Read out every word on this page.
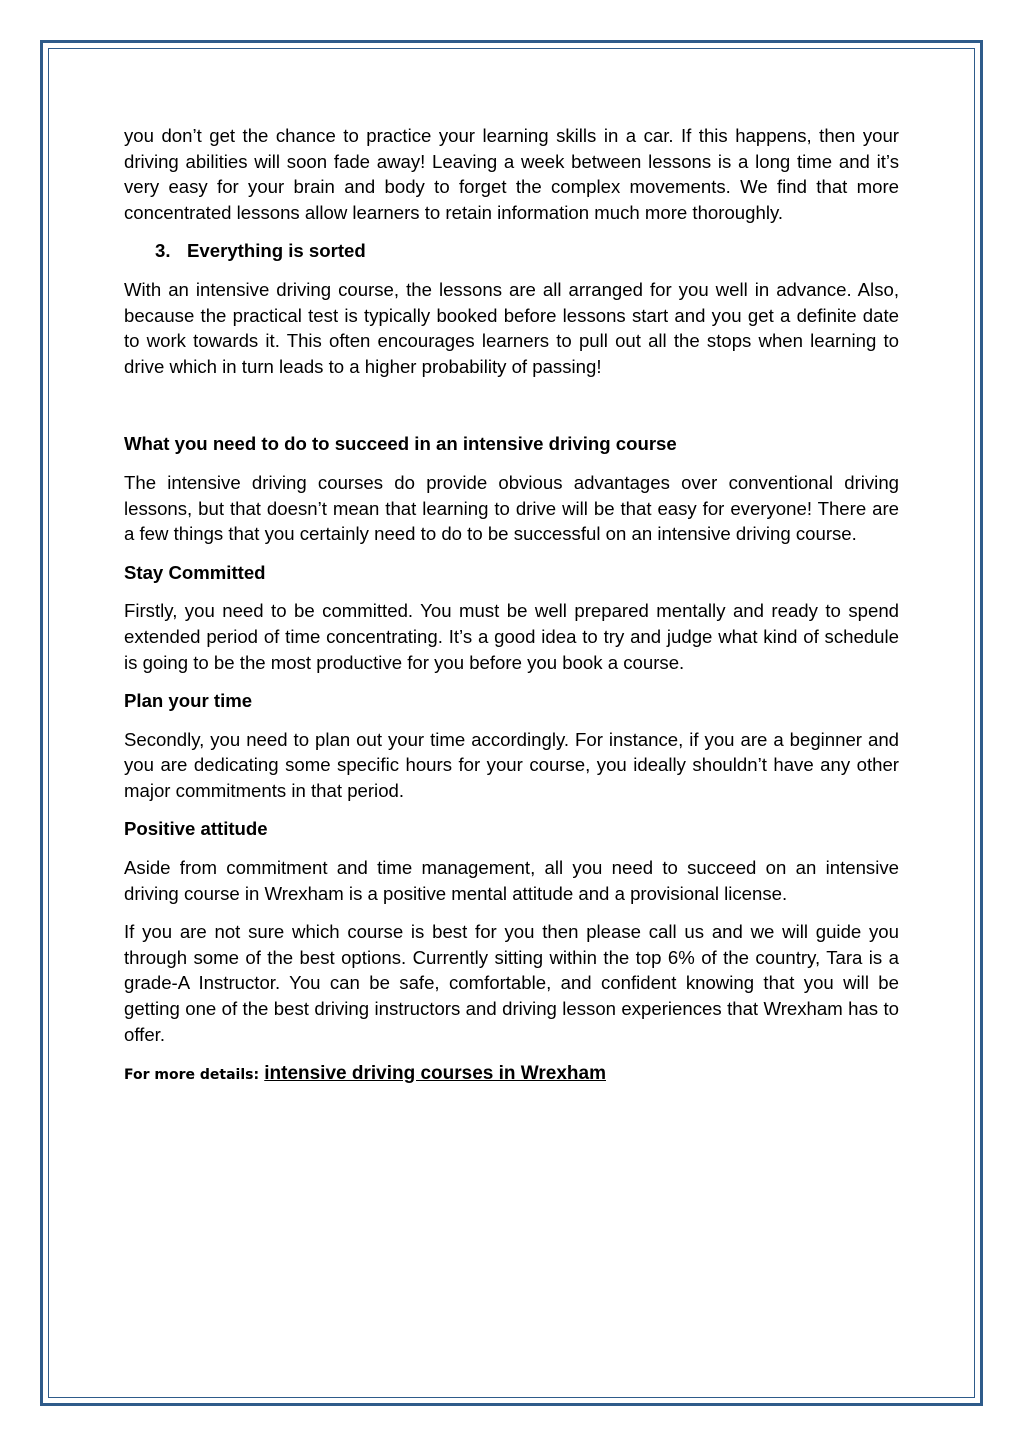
you don’t get the chance to practice your learning skills in a car. If this happens, then your driving abilities will soon fade away! Leaving a week between lessons is a long time and it’s very easy for your brain and body to forget the complex movements. We find that more concentrated lessons allow learners to retain information much more thoroughly.

3. Everything is sorted

With an intensive driving course, the lessons are all arranged for you well in advance. Also, because the practical test is typically booked before lessons start and you get a definite date to work towards it. This often encourages learners to pull out all the stops when learning to drive which in turn leads to a higher probability of passing!

What you need to do to succeed in an intensive driving course

The intensive driving courses do provide obvious advantages over conventional driving lessons, but that doesn’t mean that learning to drive will be that easy for everyone! There are a few things that you certainly need to do to be successful on an intensive driving course.

Stay Committed

Firstly, you need to be committed. You must be well prepared mentally and ready to spend extended period of time concentrating. It’s a good idea to try and judge what kind of schedule is going to be the most productive for you before you book a course.

Plan your time

Secondly, you need to plan out your time accordingly. For instance, if you are a beginner and you are dedicating some specific hours for your course, you ideally shouldn’t have any other major commitments in that period.

Positive attitude

Aside from commitment and time management, all you need to succeed on an intensive driving course in Wrexham is a positive mental attitude and a provisional license.

If you are not sure which course is best for you then please call us and we will guide you through some of the best options. Currently sitting within the top 6% of the country, Tara is a grade-A Instructor. You can be safe, comfortable, and confident knowing that you will be getting one of the best driving instructors and driving lesson experiences that Wrexham has to offer.

For more details: intensive driving courses in Wrexham
